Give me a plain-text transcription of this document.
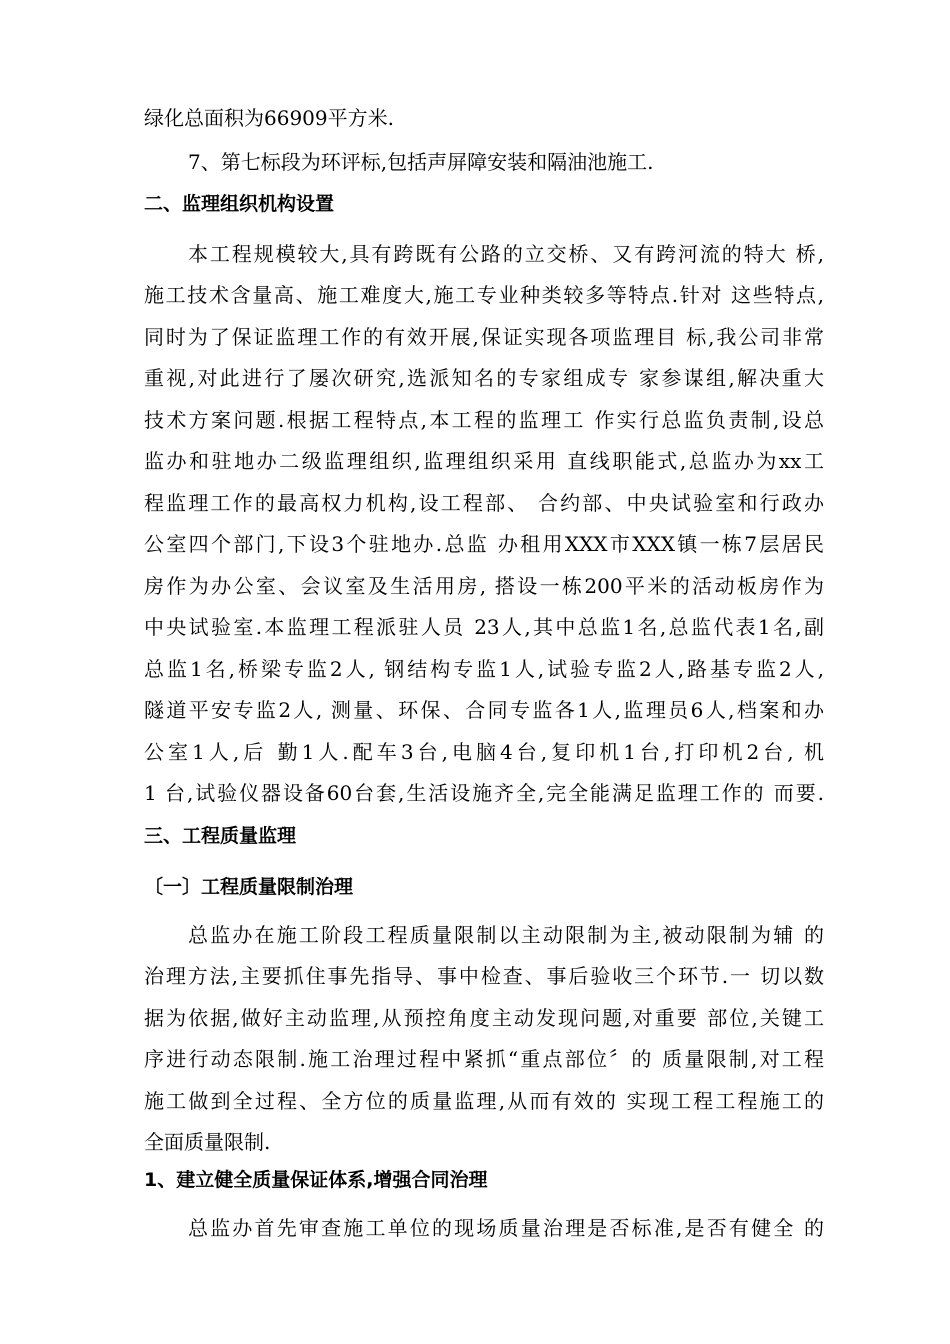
绿化总面积为66909平方米.
7、第七标段为环评标,包括声屏障安装和隔油池施工.
二、监理组织机构设置
本工程规模较大,具有跨既有公路的立交桥、又有跨河流的特大 桥,
施工技术含量高、施工难度大,施工专业种类较多等特点.针对 这些特点,
同时为了保证监理工作的有效开展,保证实现各项监理目 标,我公司非常
重视,对此进行了屡次研究,选派知名的专家组成专 家参谋组,解决重大
技术方案问题.根据工程特点,本工程的监理工 作实行总监负责制,设总
监办和驻地办二级监理组织,监理组织采用 直线职能式,总监办为xx工
程监理工作的最高权力机构,设工程部、 合约部、中央试验室和行政办
公室四个部门,下设3个驻地办.总监 办租用XXX市XXX镇一栋7层居民
房作为办公室、会议室及生活用房, 搭设一栋200平米的活动板房作为
中央试验室.本监理工程派驻人员 23人,其中总监1名,总监代表1名,副
总监1名,桥梁专监2人, 钢结构专监1人,试验专监2人,路基专监2人,
隧道平安专监2人, 测量、环保、合同专监各1人,监理员6人,档案和办
公室1人,后 勤1人.配车3台,电脑4台,复印机1台,打印机2台, 机
1 台,试验仪器设备60台套,生活设施齐全,完全能满足监理工作的 而要.
三、工程质量监理
〔一〕工程质量限制治理
总监办在施工阶段工程质量限制以主动限制为主,被动限制为辅 的
治理方法,主要抓住事先指导、事中检查、事后验收三个环节.一 切以数
据为依据,做好主动监理,从预控角度主动发现问题,对重要 部位,关键工
序进行动态限制.施工治理过程中紧抓“重点部位〞的 质量限制,对工程
施工做到全过程、全方位的质量监理,从而有效的 实现工程工程施工的
全面质量限制.
1、建立健全质量保证体系,增强合同治理
总监办首先审查施工单位的现场质量治理是否标准,是否有健全 的
